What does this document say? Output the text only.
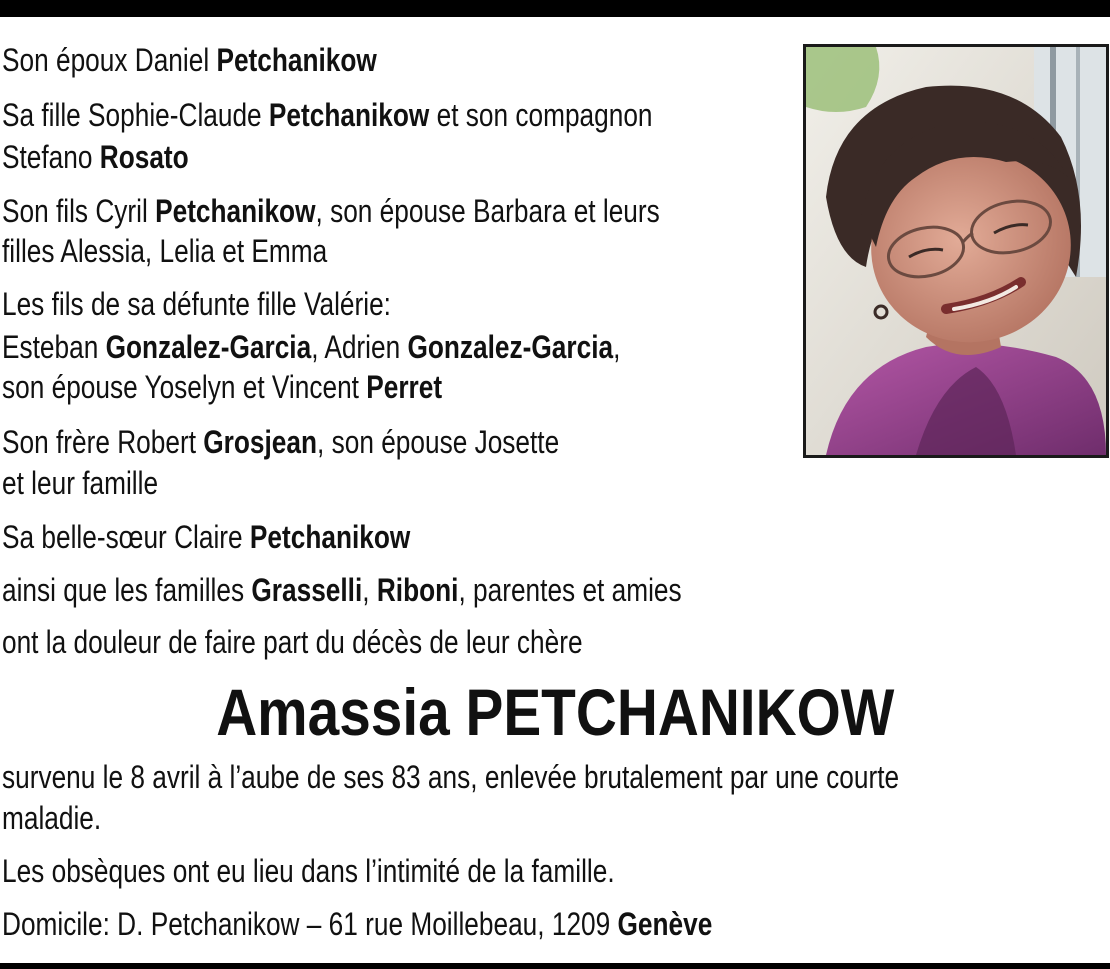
Son époux Daniel Petchanikow
Sa fille Sophie-Claude Petchanikow et son compagnon
Stefano Rosato
Son fils Cyril Petchanikow, son épouse Barbara et leurs
filles Alessia, Lelia et Emma
Les fils de sa défunte fille Valérie:
Esteban Gonzalez-Garcia, Adrien Gonzalez-Garcia,
son épouse Yoselyn et Vincent Perret
Son frère Robert Grosjean, son épouse Josette
et leur famille
Sa belle-sœur Claire Petchanikow
ainsi que les familles Grasselli, Riboni, parentes et amies
ont la douleur de faire part du décès de leur chère
Amassia PETCHANIKOW
survenu le 8 avril à l’aube de ses 83 ans, enlevée brutalement par une courte
maladie.
Les obsèques ont eu lieu dans l’intimité de la famille.
Domicile: D. Petchanikow – 61 rue Moillebeau, 1209 Genève
